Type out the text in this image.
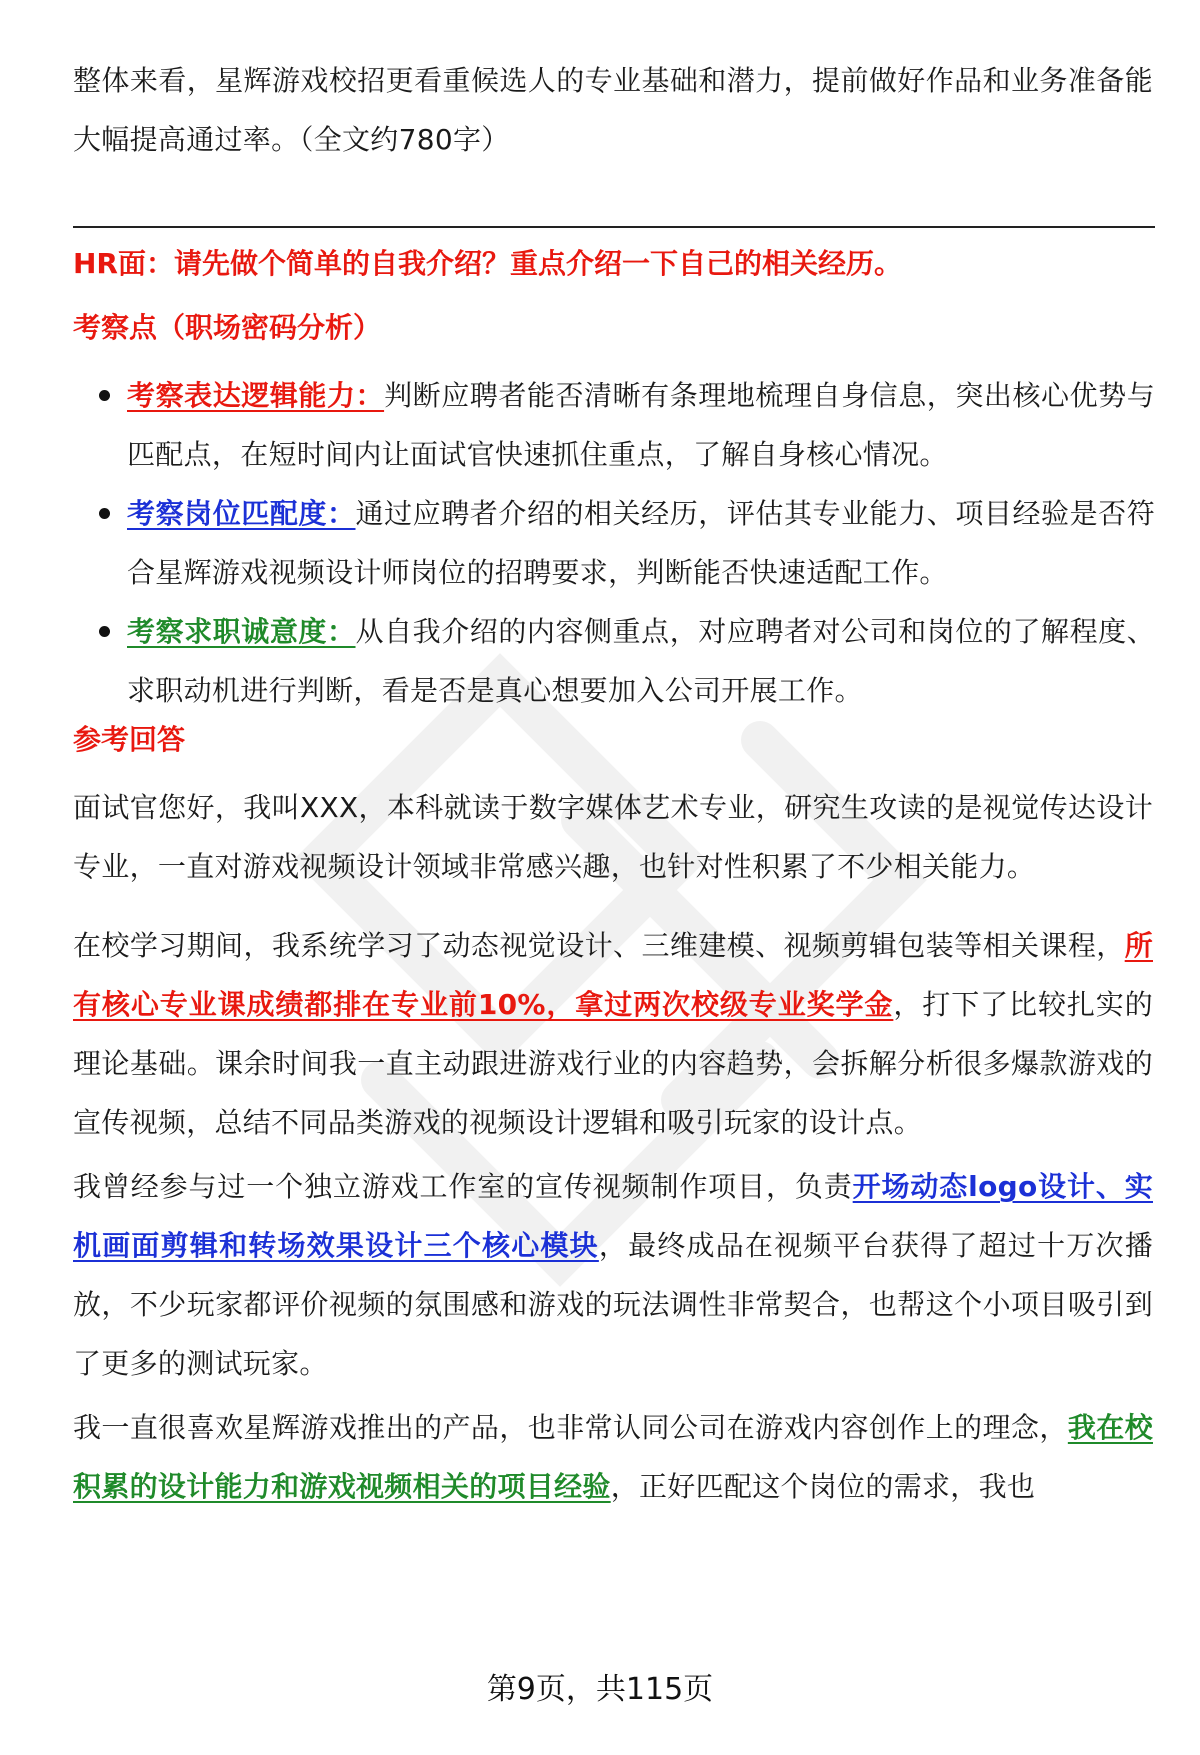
整体来看，星辉游戏校招更看重候选人的专业基础和潜力，提前做好作品和业务准备能大幅提高通过率。（全文约780字）

HR面：请先做个简单的自我介绍？重点介绍一下自己的相关经历。
考察点（职场密码分析）
考察表达逻辑能力：判断应聘者能否清晰有条理地梳理自身信息，突出核心优势与匹配点，在短时间内让面试官快速抓住重点，了解自身核心情况。
考察岗位匹配度：通过应聘者介绍的相关经历，评估其专业能力、项目经验是否符合星辉游戏视频设计师岗位的招聘要求，判断能否快速适配工作。
考察求职诚意度：从自我介绍的内容侧重点，对应聘者对公司和岗位的了解程度、求职动机进行判断，看是否是真心想要加入公司开展工作。
参考回答

面试官您好，我叫XXX，本科就读于数字媒体艺术专业，研究生攻读的是视觉传达设计专业，一直对游戏视频设计领域非常感兴趣，也针对性积累了不少相关能力。

在校学习期间，我系统学习了动态视觉设计、三维建模、视频剪辑包装等相关课程，所有核心专业课成绩都排在专业前10%，拿过两次校级专业奖学金，打下了比较扎实的理论基础。课余时间我一直主动跟进游戏行业的内容趋势，会拆解分析很多爆款游戏的宣传视频，总结不同品类游戏的视频设计逻辑和吸引玩家的设计点。

我曾经参与过一个独立游戏工作室的宣传视频制作项目，负责开场动态logo设计、实机画面剪辑和转场效果设计三个核心模块，最终成品在视频平台获得了超过十万次播放，不少玩家都评价视频的氛围感和游戏的玩法调性非常契合，也帮这个小项目吸引到了更多的测试玩家。

我一直很喜欢星辉游戏推出的产品，也非常认同公司在游戏内容创作上的理念，我在校积累的设计能力和游戏视频相关的项目经验，正好匹配这个岗位的需求，我也

第9页，共115页
